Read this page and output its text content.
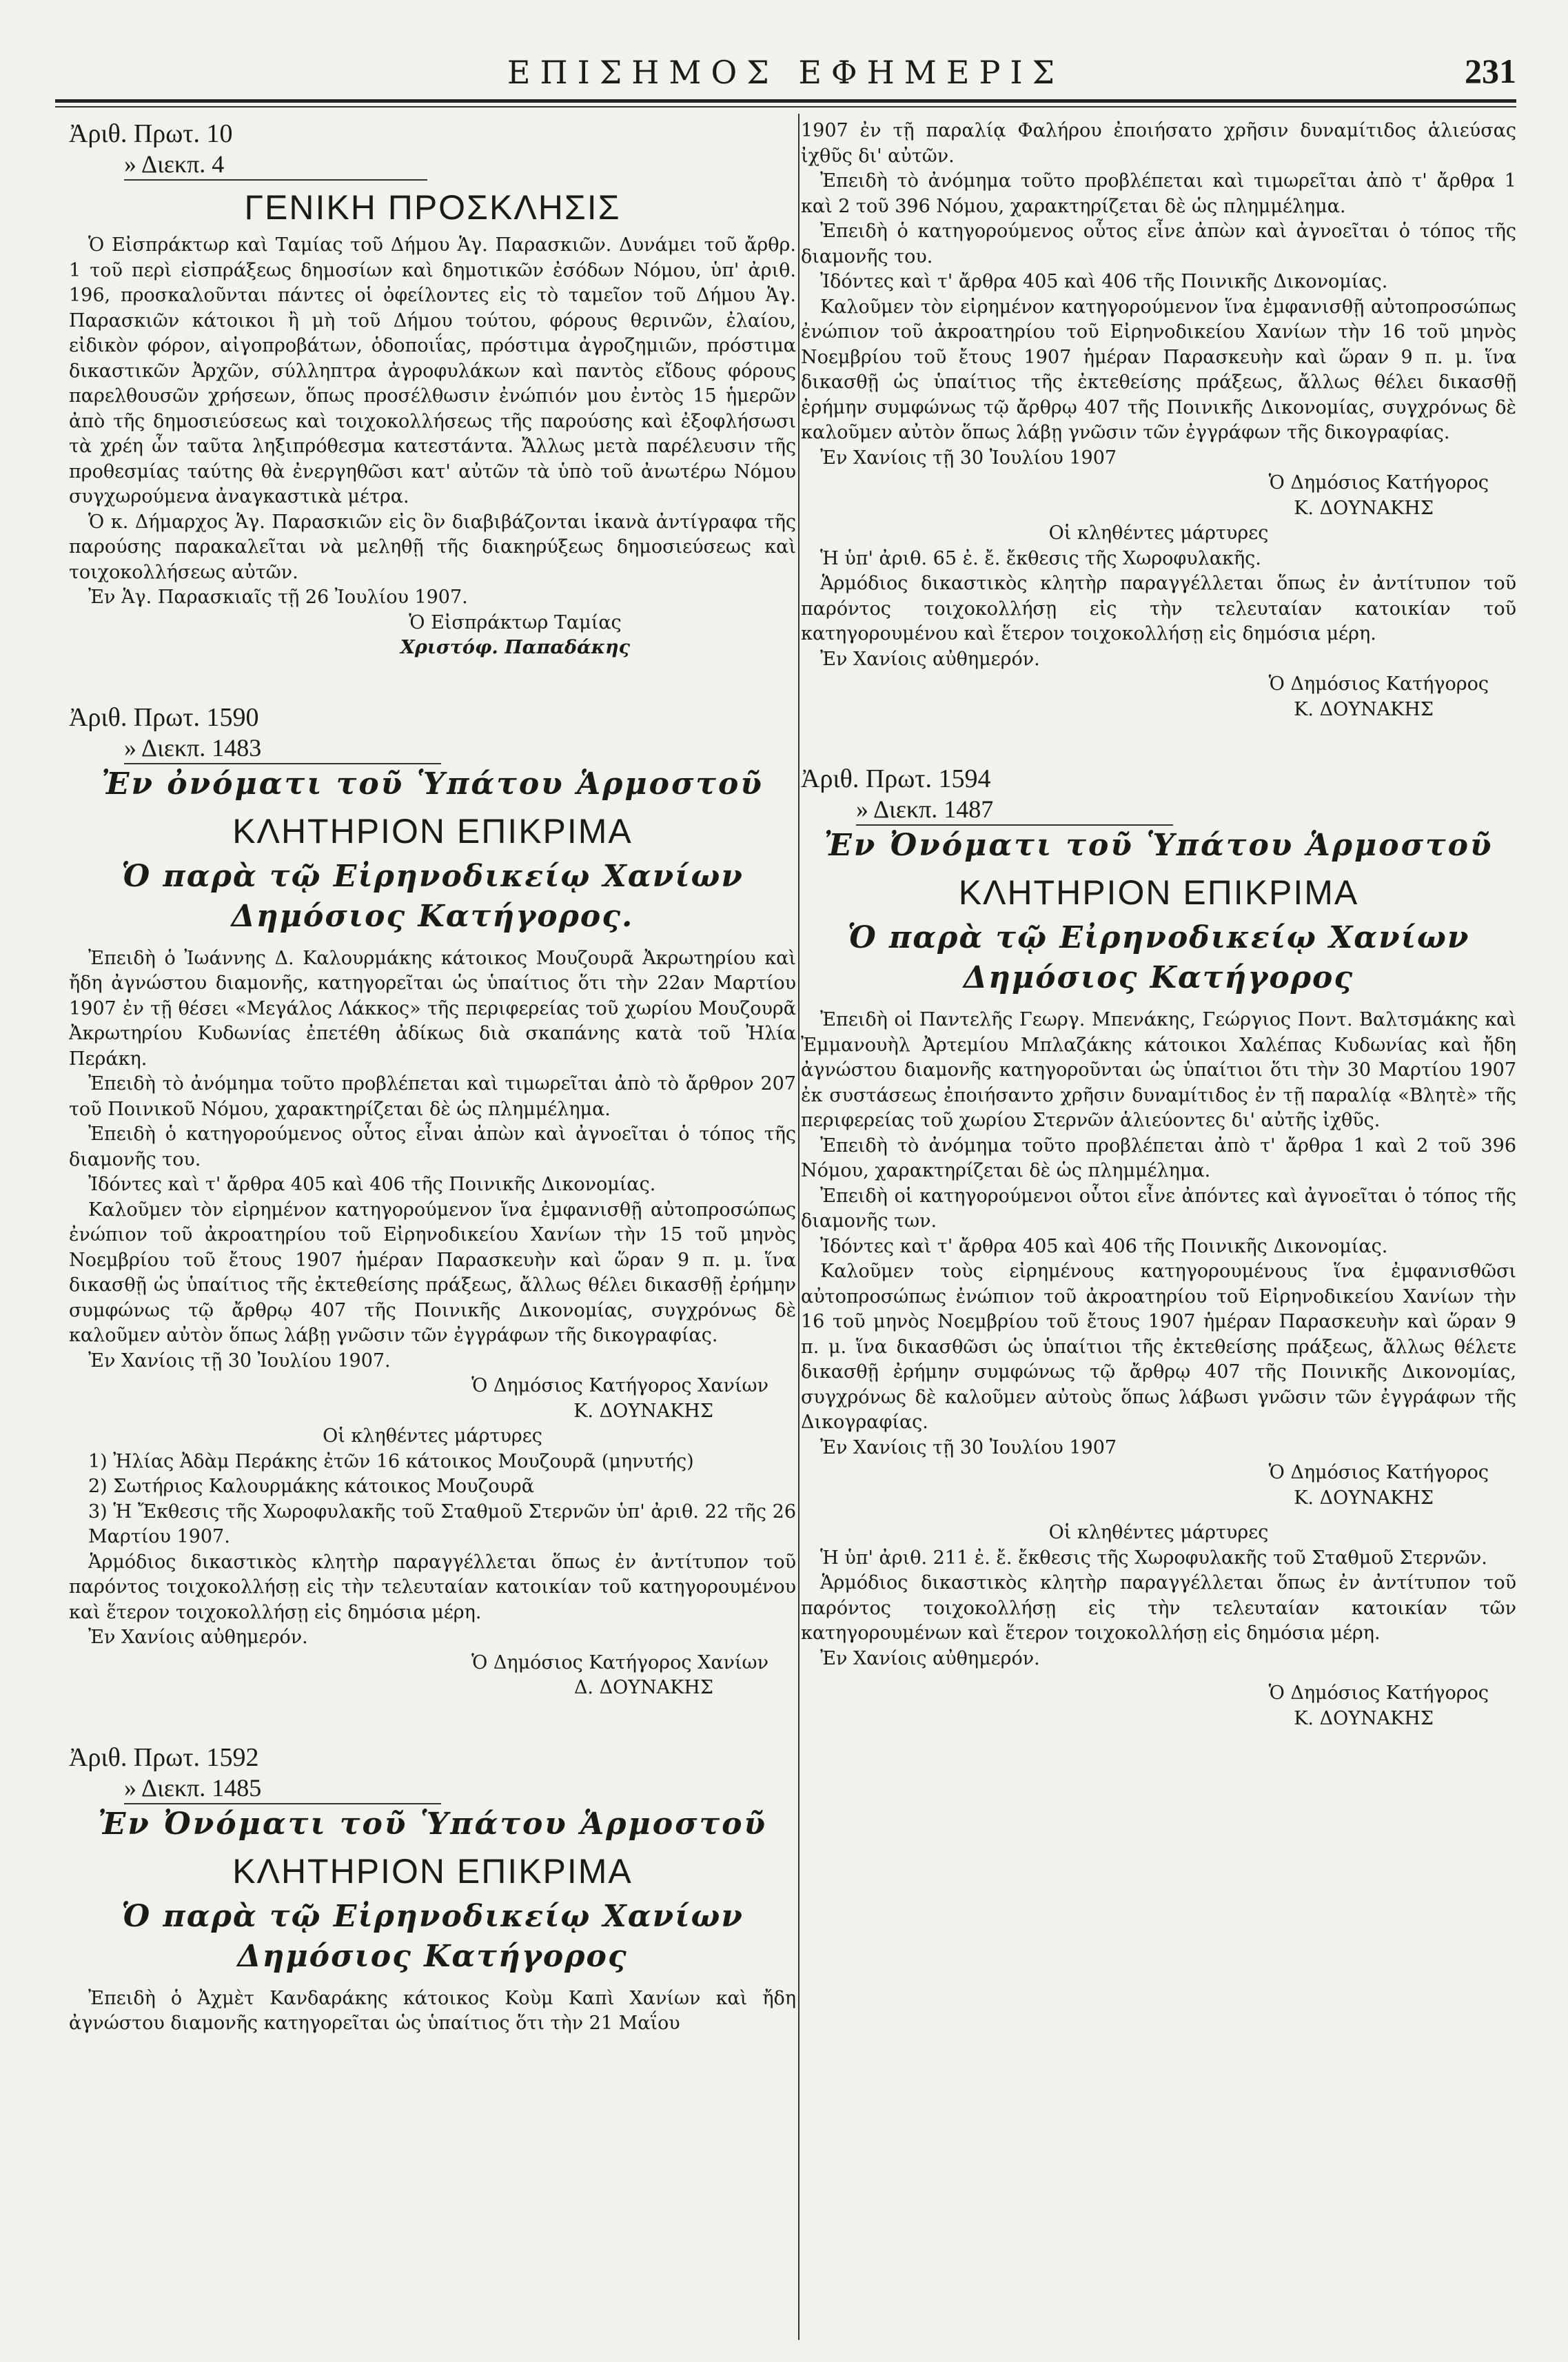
ΕΠΙΣΗΜΟΣ ΕΦΗΜΕΡΙΣ	231
Ἀριθ. Πρωτ. 10
» Διεκπ. 4
ΓΕΝΙΚΗ ΠΡΟΣΚΛΗΣΙΣ

Ὁ Εἰσπράκτωρ καὶ Ταμίας τοῦ Δήμου Ἁγ. Παρασκιῶν. Δυνάμει τοῦ ἄρθρ. 1 τοῦ περὶ εἰσπράξεως δημοσίων καὶ δημοτικῶν ἐσόδων Νόμου, ὑπ' ἀριθ. 196, προσκαλοῦνται πάντες οἱ ὀφείλοντες εἰς τὸ ταμεῖον τοῦ Δήμου Ἁγ. Παρασκιῶν κάτοικοι ἢ μὴ τοῦ Δήμου τούτου, φόρους θερινῶν, ἐλαίου, εἰδικὸν φόρον, αἰγοπροβάτων, ὁδοποιΐας, πρόστιμα ἀγροζημιῶν, πρόστιμα δικαστικῶν Ἀρχῶν, σύλληπτρα ἀγροφυλάκων καὶ παντὸς εἴδους φόρους παρελθουσῶν χρήσεων, ὅπως προσέλθωσιν ἐνώπιόν μου ἐντὸς 15 ἡμερῶν ἀπὸ τῆς δημοσιεύσεως καὶ τοιχοκολλήσεως τῆς παρούσης καὶ ἐξοφλήσωσι τὰ χρέη ὧν ταῦτα ληξιπρόθεσμα κατεστάντα. Ἄλλως μετὰ παρέλευσιν τῆς προθεσμίας ταύτης θὰ ἐνεργηθῶσι κατ' αὐτῶν τὰ ὑπὸ τοῦ ἀνωτέρω Νόμου συγχωρούμενα ἀναγκαστικὰ μέτρα.

Ὁ κ. Δήμαρχος Ἁγ. Παρασκιῶν εἰς ὃν διαβιβάζονται ἱκανὰ ἀντίγραφα τῆς παρούσης παρακαλεῖται νὰ μεληθῇ τῆς διακηρύξεως δημοσιεύσεως καὶ τοιχοκολλήσεως αὐτῶν.

Ἐν Ἁγ. Παρασκιαῖς τῇ 26 Ἰουλίου 1907.

Ὁ Εἰσπράκτωρ Ταμίας
Χριστόφ. Παπαδάκης
Ἀριθ. Πρωτ. 1590
» Διεκπ. 1483
Ἐν ὀνόματι τοῦ Ὑπάτου Ἁρμοστοῦ
ΚΛΗΤΗΡΙΟΝ ΕΠΙΚΡΙΜΑ
Ὁ παρὰ τῷ Εἰρηνοδικείῳ Χανίων Δημόσιος Κατήγορος.

Ἐπειδὴ ὁ Ἰωάννης Δ. Καλουρμάκης κάτοικος Μουζουρᾶ Ἀκρωτηρίου καὶ ἤδη ἀγνώστου διαμονῆς, κατηγορεῖται ὡς ὑπαίτιος ὅτι τὴν 22αν Μαρτίου 1907 ἐν τῇ θέσει «Μεγάλος Λάκκος» τῆς περιφερείας τοῦ χωρίου Μουζουρᾶ Ἀκρωτηρίου Κυδωνίας ἐπετέθη ἀδίκως διὰ σκαπάνης κατὰ τοῦ Ἠλία Περάκη.

Ἐπειδὴ τὸ ἀνόμημα τοῦτο προβλέπεται καὶ τιμωρεῖται ἀπὸ τὸ ἄρθρον 207 τοῦ Ποινικοῦ Νόμου, χαρακτηρίζεται δὲ ὡς πλημμέλημα.

Ἐπειδὴ ὁ κατηγορούμενος οὗτος εἶναι ἀπὼν καὶ ἀγνοεῖται ὁ τόπος τῆς διαμονῆς του.

Ἰδόντες καὶ τ' ἄρθρα 405 καὶ 406 τῆς Ποινικῆς Δικονομίας.

Καλοῦμεν τὸν εἰρημένον κατηγορούμενον ἵνα ἐμφανισθῇ αὐτοπροσώπως ἐνώπιον τοῦ ἀκροατηρίου τοῦ Εἰρηνοδικείου Χανίων τὴν 15 τοῦ μηνὸς Νοεμβρίου τοῦ ἔτους 1907 ἡμέραν Παρασκευὴν καὶ ὥραν 9 π. μ. ἵνα δικασθῇ ὡς ὑπαίτιος τῆς ἐκτεθείσης πράξεως, ἄλλως θέλει δικασθῇ ἐρήμην συμφώνως τῷ ἄρθρῳ 407 τῆς Ποινικῆς Δικονομίας, συγχρόνως δὲ καλοῦμεν αὐτὸν ὅπως λάβῃ γνῶσιν τῶν ἐγγράφων τῆς δικογραφίας.

Ἐν Χανίοις τῇ 30 Ἰουλίου 1907.

Ὁ Δημόσιος Κατήγορος Χανίων
Κ. ΔΟΥΝΑΚΗΣ
Οἱ κληθέντες μάρτυρες

1) Ἠλίας Ἀδὰμ Περάκης ἐτῶν 16 κάτοικος Μουζουρᾶ (μηνυτής)

2) Σωτήριος Καλουρμάκης κάτοικος Μουζουρᾶ

3) Ἡ Ἔκθεσις τῆς Χωροφυλακῆς τοῦ Σταθμοῦ Στερνῶν ὑπ' ἀριθ. 22 τῆς 26 Μαρτίου 1907.

Ἁρμόδιος δικαστικὸς κλητὴρ παραγγέλλεται ὅπως ἐν ἀντίτυπον τοῦ παρόντος τοιχοκολλήσῃ εἰς τὴν τελευταίαν κατοικίαν τοῦ κατηγορουμένου καὶ ἕτερον τοιχοκολλήσῃ εἰς δημόσια μέρη.

Ἐν Χανίοις αὐθημερόν.

Ὁ Δημόσιος Κατήγορος Χανίων
Δ. ΔΟΥΝΑΚΗΣ
Ἀριθ. Πρωτ. 1592
» Διεκπ. 1485
Ἐν Ὀνόματι τοῦ Ὑπάτου Ἁρμοστοῦ
ΚΛΗΤΗΡΙΟΝ ΕΠΙΚΡΙΜΑ
Ὁ παρὰ τῷ Εἰρηνοδικείῳ Χανίων Δημόσιος Κατήγορος

Ἐπειδὴ ὁ Ἀχμὲτ Κανδαράκης κάτοικος Κοὺμ Καπὶ Χανίων καὶ ἤδη ἀγνώστου διαμονῆς κατηγορεῖται ὡς ὑπαίτιος ὅτι τὴν 21 Μαΐου

1907 ἐν τῇ παραλίᾳ Φαλήρου ἐποιήσατο χρῆσιν δυναμίτιδος ἁλιεύσας ἰχθῦς δι' αὐτῶν.

Ἐπειδὴ τὸ ἀνόμημα τοῦτο προβλέπεται καὶ τιμωρεῖται ἀπὸ τ' ἄρθρα 1 καὶ 2 τοῦ 396 Νόμου, χαρακτηρίζεται δὲ ὡς πλημμέλημα.

Ἐπειδὴ ὁ κατηγορούμενος οὗτος εἶνε ἀπὼν καὶ ἀγνοεῖται ὁ τόπος τῆς διαμονῆς του.

Ἰδόντες καὶ τ' ἄρθρα 405 καὶ 406 τῆς Ποινικῆς Δικονομίας.

Καλοῦμεν τὸν εἰρημένον κατηγορούμενον ἵνα ἐμφανισθῇ αὐτοπροσώπως ἐνώπιον τοῦ ἀκροατηρίου τοῦ Εἰρηνοδικείου Χανίων τὴν 16 τοῦ μηνὸς Νοεμβρίου τοῦ ἔτους 1907 ἡμέραν Παρασκευὴν καὶ ὥραν 9 π. μ. ἵνα δικασθῇ ὡς ὑπαίτιος τῆς ἐκτεθείσης πράξεως, ἄλλως θέλει δικασθῇ ἐρήμην συμφώνως τῷ ἄρθρῳ 407 τῆς Ποινικῆς Δικονομίας, συγχρόνως δὲ καλοῦμεν αὐτὸν ὅπως λάβῃ γνῶσιν τῶν ἐγγράφων τῆς δικογραφίας.

Ἐν Χανίοις τῇ 30 Ἰουλίου 1907

Ὁ Δημόσιος Κατήγορος
Κ. ΔΟΥΝΑΚΗΣ
Οἱ κληθέντες μάρτυρες

Ἡ ὑπ' ἀριθ. 65 ἐ. ἔ. ἔκθεσις τῆς Χωροφυλακῆς.

Ἁρμόδιος δικαστικὸς κλητὴρ παραγγέλλεται ὅπως ἐν ἀντίτυπον τοῦ παρόντος τοιχοκολλήσῃ εἰς τὴν τελευταίαν κατοικίαν τοῦ κατηγορουμένου καὶ ἕτερον τοιχοκολλήσῃ εἰς δημόσια μέρη.

Ἐν Χανίοις αὐθημερόν.

Ὁ Δημόσιος Κατήγορος
Κ. ΔΟΥΝΑΚΗΣ
Ἀριθ. Πρωτ. 1594
» Διεκπ. 1487
Ἐν Ὀνόματι τοῦ Ὑπάτου Ἁρμοστοῦ
ΚΛΗΤΗΡΙΟΝ ΕΠΙΚΡΙΜΑ
Ὁ παρὰ τῷ Εἰρηνοδικείῳ Χανίων Δημόσιος Κατήγορος

Ἐπειδὴ οἱ Παντελῆς Γεωργ. Μπενάκης, Γεώργιος Ποντ. Βαλτσμάκης καὶ Ἐμμανουὴλ Ἀρτεμίου Μπλαζάκης κάτοικοι Χαλέπας Κυδωνίας καὶ ἤδη ἀγνώστου διαμονῆς κατηγοροῦνται ὡς ὑπαίτιοι ὅτι τὴν 30 Μαρτίου 1907 ἐκ συστάσεως ἐποιήσαντο χρῆσιν δυναμίτιδος ἐν τῇ παραλίᾳ «Βλητὲ» τῆς περιφερείας τοῦ χωρίου Στερνῶν ἁλιεύοντες δι' αὐτῆς ἰχθῦς.

Ἐπειδὴ τὸ ἀνόμημα τοῦτο προβλέπεται ἀπὸ τ' ἄρθρα 1 καὶ 2 τοῦ 396 Νόμου, χαρακτηρίζεται δὲ ὡς πλημμέλημα.

Ἐπειδὴ οἱ κατηγορούμενοι οὗτοι εἶνε ἀπόντες καὶ ἀγνοεῖται ὁ τόπος τῆς διαμονῆς των.

Ἰδόντες καὶ τ' ἄρθρα 405 καὶ 406 τῆς Ποινικῆς Δικονομίας.

Καλοῦμεν τοὺς εἰρημένους κατηγορουμένους ἵνα ἐμφανισθῶσι αὐτοπροσώπως ἐνώπιον τοῦ ἀκροατηρίου τοῦ Εἰρηνοδικείου Χανίων τὴν 16 τοῦ μηνὸς Νοεμβρίου τοῦ ἔτους 1907 ἡμέραν Παρασκευὴν καὶ ὥραν 9 π. μ. ἵνα δικασθῶσι ὡς ὑπαίτιοι τῆς ἐκτεθείσης πράξεως, ἄλλως θέλετε δικασθῇ ἐρήμην συμφώνως τῷ ἄρθρῳ 407 τῆς Ποινικῆς Δικονομίας, συγχρόνως δὲ καλοῦμεν αὐτοὺς ὅπως λάβωσι γνῶσιν τῶν ἐγγράφων τῆς Δικογραφίας.

Ἐν Χανίοις τῇ 30 Ἰουλίου 1907

Ὁ Δημόσιος Κατήγορος
Κ. ΔΟΥΝΑΚΗΣ
Οἱ κληθέντες μάρτυρες

Ἡ ὑπ' ἀριθ. 211 ἐ. ἔ. ἔκθεσις τῆς Χωροφυλακῆς τοῦ Σταθμοῦ Στερνῶν.

Ἁρμόδιος δικαστικὸς κλητὴρ παραγγέλλεται ὅπως ἐν ἀντίτυπον τοῦ παρόντος τοιχοκολλήσῃ εἰς τὴν τελευταίαν κατοικίαν τῶν κατηγορουμένων καὶ ἕτερον τοιχοκολλήσῃ εἰς δημόσια μέρη.

Ἐν Χανίοις αὐθημερόν.

Ὁ Δημόσιος Κατήγορος
Κ. ΔΟΥΝΑΚΗΣ
